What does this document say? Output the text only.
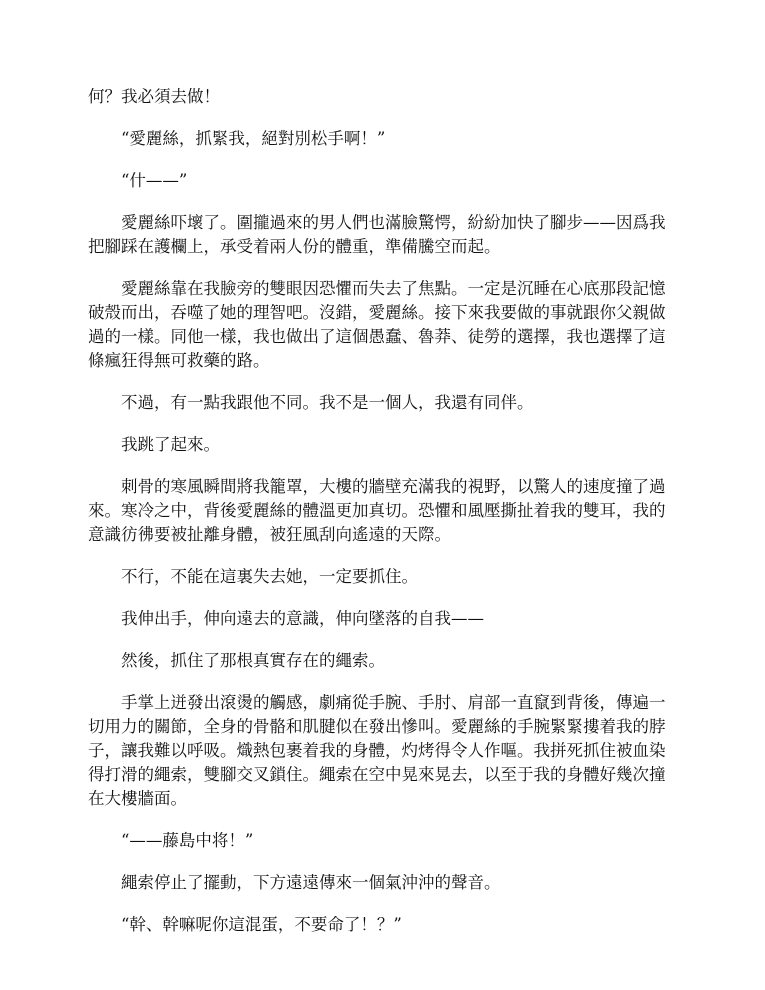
何？我必須去做！

“愛麗絲，抓緊我，絕對別松手啊！”

“什——”

愛麗絲吓壞了。圍攏過來的男人們也滿臉驚愕，紛紛加快了腳步——因爲我把腳踩在護欄上，承受着兩人份的體重，準備騰空而起。

愛麗絲靠在我臉旁的雙眼因恐懼而失去了焦點。一定是沉睡在心底那段記憶破殼而出，吞噬了她的理智吧。沒錯，愛麗絲。接下來我要做的事就跟你父親做過的一樣。同他一樣，我也做出了這個愚蠢、魯莽、徒勞的選擇，我也選擇了這條瘋狂得無可救藥的路。

不過，有一點我跟他不同。我不是一個人，我還有同伴。

我跳了起來。

刺骨的寒風瞬間將我籠罩，大樓的牆壁充滿我的視野，以驚人的速度撞了過來。寒冷之中，背後愛麗絲的體溫更加真切。恐懼和風壓撕扯着我的雙耳，我的意識彷彿要被扯離身體，被狂風刮向遙遠的天際。

不行，不能在這裏失去她，一定要抓住。

我伸出手，伸向遠去的意識，伸向墜落的自我——

然後，抓住了那根真實存在的繩索。

手掌上迸發出滾燙的觸感，劇痛從手腕、手肘、肩部一直竄到背後，傳遍一切用力的關節，全身的骨骼和肌腱似在發出慘叫。愛麗絲的手腕緊緊摟着我的脖子，讓我難以呼吸。熾熱包裹着我的身體，灼烤得令人作嘔。我拼死抓住被血染得打滑的繩索，雙腳交叉鎖住。繩索在空中晃來晃去，以至于我的身體好幾次撞在大樓牆面。

“——藤島中将！”

繩索停止了擺動，下方遠遠傳來一個氣沖沖的聲音。

“幹、幹嘛呢你這混蛋，不要命了！？”
